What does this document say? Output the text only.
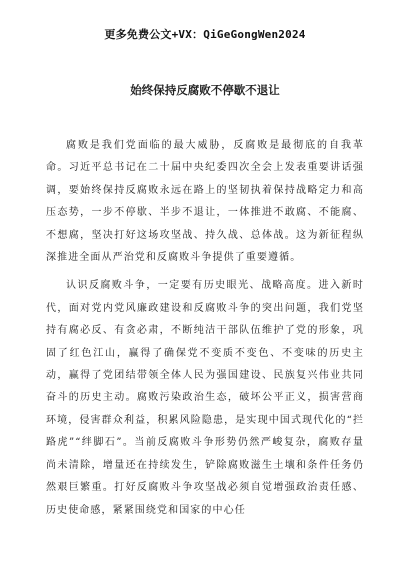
更多免费公文+VX：QiGeGongWen2024
始终保持反腐败不停歇不退让

腐败是我们党面临的最大威胁，反腐败是最彻底的自我革命。习近平总书记在二十届中央纪委四次全会上发表重要讲话强调，要始终保持反腐败永远在路上的坚韧执着保持战略定力和高压态势，一步不停歇、半步不退让，一体推进不敢腐、不能腐、不想腐，坚决打好这场攻坚战、持久战、总体战。这为新征程纵深推进全面从严治党和反腐败斗争提供了重要遵循。

认识反腐败斗争，一定要有历史眼光、战略高度。进入新时代，面对党内党风廉政建设和反腐败斗争的突出问题，我们党坚持有腐必反、有贪必肃，不断纯洁干部队伍维护了党的形象，巩固了红色江山，赢得了确保党不变质不变色、不变味的历史主动，赢得了党团结带领全体人民为强国建设、民族复兴伟业共同奋斗的历史主动。腐败污染政治生态，破坏公平正义，损害营商环境，侵害群众利益，积累风险隐患，是实现中国式现代化的“拦路虎”“绊脚石”。当前反腐败斗争形势仍然严峻复杂，腐败存量尚未清除，增量还在持续发生，铲除腐败滋生土壤和条件任务仍然艰巨繁重。打好反腐败斗争攻坚战必须自觉增强政治责任感、历史使命感，紧紧围绕党和国家的中心任
